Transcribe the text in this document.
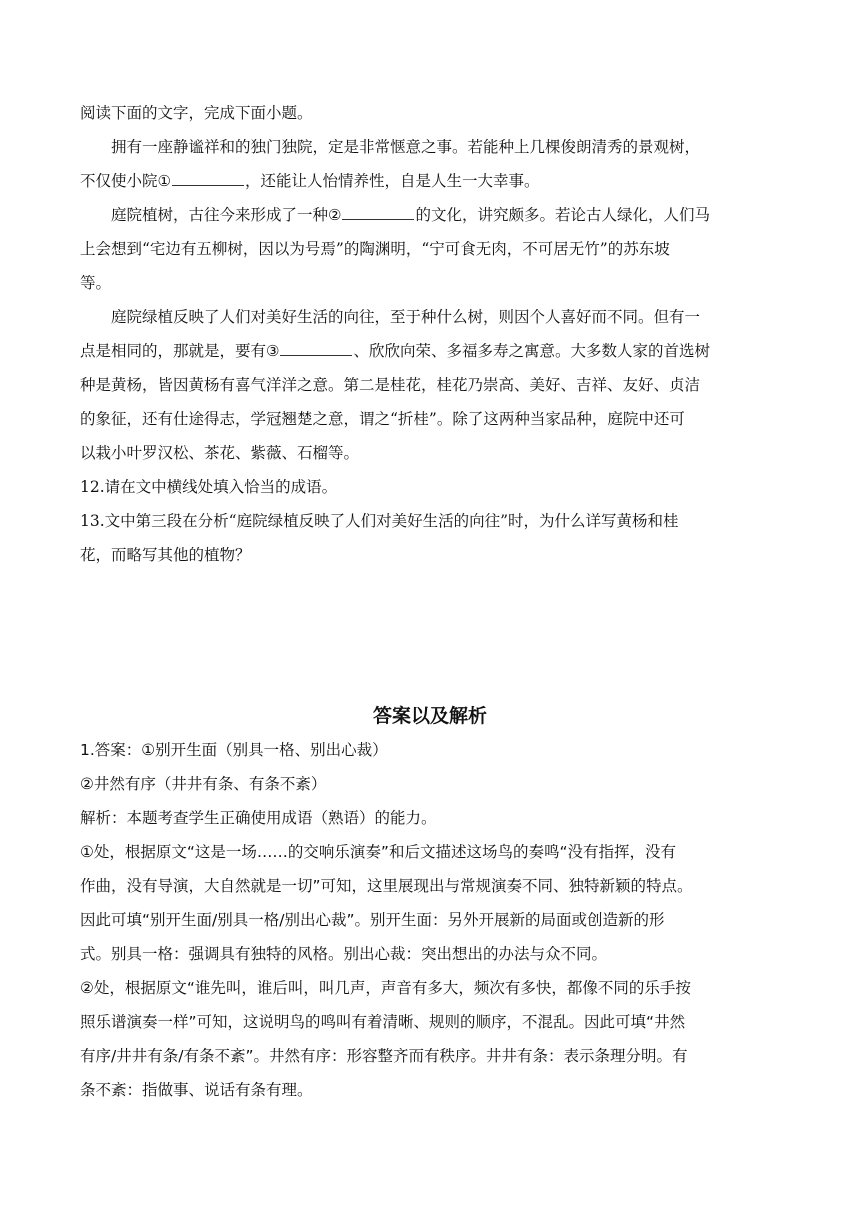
阅读下面的文字，完成下面小题。

拥有一座静谧祥和的独门独院，定是非常惬意之事。若能种上几棵俊朗清秀的景观树，

不仅使小院①	，还能让人怡情养性，自是人生一大幸事。

庭院植树，古往今来形成了一种②	的文化，讲究颇多。若论古人绿化，人们马

上会想到“宅边有五柳树，因以为号焉”的陶渊明，“宁可食无肉，不可居无竹”的苏东坡

等。

庭院绿植反映了人们对美好生活的向往，至于种什么树，则因个人喜好而不同。但有一

点是相同的，那就是，要有③	、欣欣向荣、多福多寿之寓意。大多数人家的首选树

种是黄杨，皆因黄杨有喜气洋洋之意。第二是桂花，桂花乃崇高、美好、吉祥、友好、贞洁

的象征，还有仕途得志，学冠翘楚之意，谓之“折桂”。除了这两种当家品种，庭院中还可

以栽小叶罗汉松、茶花、紫薇、石榴等。

12.请在文中横线处填入恰当的成语。

13.文中第三段在分析“庭院绿植反映了人们对美好生活的向往”时，为什么详写黄杨和桂

花，而略写其他的植物？

答案以及解析

1.答案：①别开生面（别具一格、别出心裁）

②井然有序（井井有条、有条不紊）

解析：本题考查学生正确使用成语（熟语）的能力。

①处，根据原文“这是一场……的交响乐演奏”和后文描述这场鸟的奏鸣“没有指挥，没有

作曲，没有导演，大自然就是一切”可知，这里展现出与常规演奏不同、独特新颖的特点。

因此可填“别开生面/别具一格/别出心裁”。别开生面：另外开展新的局面或创造新的形

式。别具一格：强调具有独特的风格。别出心裁：突出想出的办法与众不同。

②处，根据原文“谁先叫，谁后叫，叫几声，声音有多大，频次有多快，都像不同的乐手按

照乐谱演奏一样”可知，这说明鸟的鸣叫有着清晰、规则的顺序，不混乱。因此可填“井然

有序/井井有条/有条不紊”。井然有序：形容整齐而有秩序。井井有条：表示条理分明。有

条不紊：指做事、说话有条有理。
